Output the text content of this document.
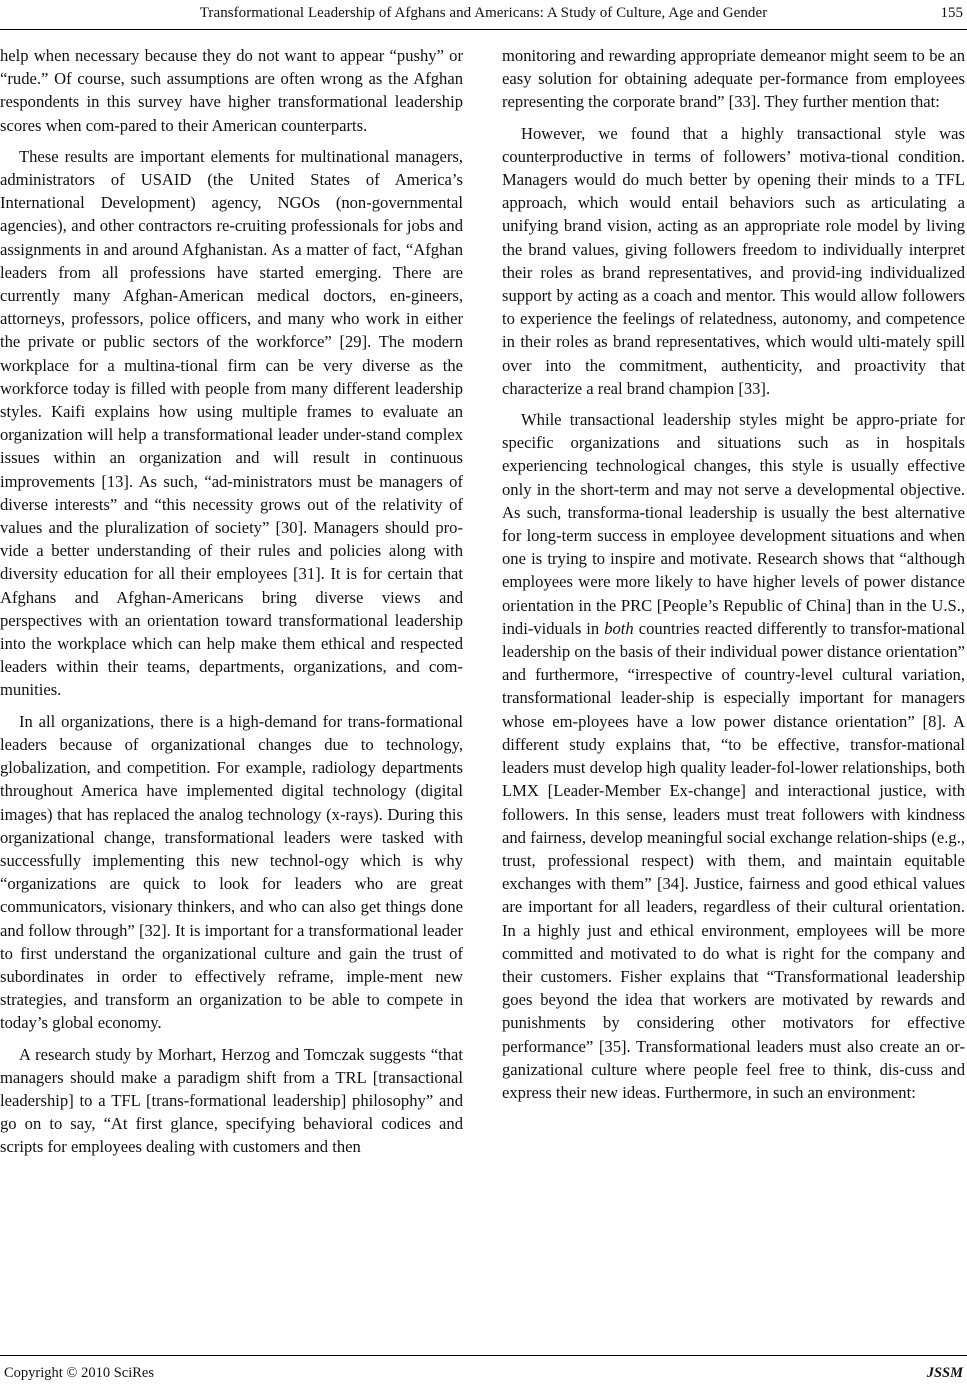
Transformational Leadership of Afghans and Americans: A Study of Culture, Age and Gender	155

help when necessary because they do not want to appear “pushy” or “rude.” Of course, such assumptions are often wrong as the Afghan respondents in this survey have higher transformational leadership scores when com-pared to their American counterparts.

These results are important elements for multinational managers, administrators of USAID (the United States of America’s International Development) agency, NGOs (non-governmental agencies), and other contractors re-cruiting professionals for jobs and assignments in and around Afghanistan. As a matter of fact, “Afghan leaders from all professions have started emerging. There are currently many Afghan-American medical doctors, en-gineers, attorneys, professors, police officers, and many who work in either the private or public sectors of the workforce” [29]. The modern workplace for a multina-tional firm can be very diverse as the workforce today is filled with people from many different leadership styles. Kaifi explains how using multiple frames to evaluate an organization will help a transformational leader under-stand complex issues within an organization and will result in continuous improvements [13]. As such, “ad-ministrators must be managers of diverse interests” and “this necessity grows out of the relativity of values and the pluralization of society” [30]. Managers should pro-vide a better understanding of their rules and policies along with diversity education for all their employees [31]. It is for certain that Afghans and Afghan-Americans bring diverse views and perspectives with an orientation toward transformational leadership into the workplace which can help make them ethical and respected leaders within their teams, departments, organizations, and com-munities.

In all organizations, there is a high-demand for trans-formational leaders because of organizational changes due to technology, globalization, and competition. For example, radiology departments throughout America have implemented digital technology (digital images) that has replaced the analog technology (x-rays). During this organizational change, transformational leaders were tasked with successfully implementing this new technol-ogy which is why “organizations are quick to look for leaders who are great communicators, visionary thinkers, and who can also get things done and follow through” [32]. It is important for a transformational leader to first understand the organizational culture and gain the trust of subordinates in order to effectively reframe, imple-ment new strategies, and transform an organization to be able to compete in today’s global economy.

A research study by Morhart, Herzog and Tomczak suggests “that managers should make a paradigm shift from a TRL [transactional leadership] to a TFL [trans-formational leadership] philosophy” and go on to say, “At first glance, specifying behavioral codices and scripts for employees dealing with customers and then

monitoring and rewarding appropriate demeanor might seem to be an easy solution for obtaining adequate per-formance from employees representing the corporate brand” [33]. They further mention that:

However, we found that a highly transactional style was counterproductive in terms of followers’ motiva-tional condition. Managers would do much better by opening their minds to a TFL approach, which would entail behaviors such as articulating a unifying brand vision, acting as an appropriate role model by living the brand values, giving followers freedom to individually interpret their roles as brand representatives, and provid-ing individualized support by acting as a coach and mentor. This would allow followers to experience the feelings of relatedness, autonomy, and competence in their roles as brand representatives, which would ulti-mately spill over into the commitment, authenticity, and proactivity that characterize a real brand champion [33].

While transactional leadership styles might be appro-priate for specific organizations and situations such as in hospitals experiencing technological changes, this style is usually effective only in the short-term and may not serve a developmental objective. As such, transforma-tional leadership is usually the best alternative for long-term success in employee development situations and when one is trying to inspire and motivate. Research shows that “although employees were more likely to have higher levels of power distance orientation in the PRC [People’s Republic of China] than in the U.S., indi-viduals in both countries reacted differently to transfor-mational leadership on the basis of their individual power distance orientation” and furthermore, “irrespective of country-level cultural variation, transformational leader-ship is especially important for managers whose em-ployees have a low power distance orientation” [8]. A different study explains that, “to be effective, transfor-mational leaders must develop high quality leader-fol-lower relationships, both LMX [Leader-Member Ex-change] and interactional justice, with followers. In this sense, leaders must treat followers with kindness and fairness, develop meaningful social exchange relation-ships (e.g., trust, professional respect) with them, and maintain equitable exchanges with them” [34]. Justice, fairness and good ethical values are important for all leaders, regardless of their cultural orientation. In a highly just and ethical environment, employees will be more committed and motivated to do what is right for the company and their customers. Fisher explains that “Transformational leadership goes beyond the idea that workers are motivated by rewards and punishments by considering other motivators for effective performance” [35]. Transformational leaders must also create an or-ganizational culture where people feel free to think, dis-cuss and express their new ideas. Furthermore, in such an environment:

Copyright © 2010 SciRes	JSSM
